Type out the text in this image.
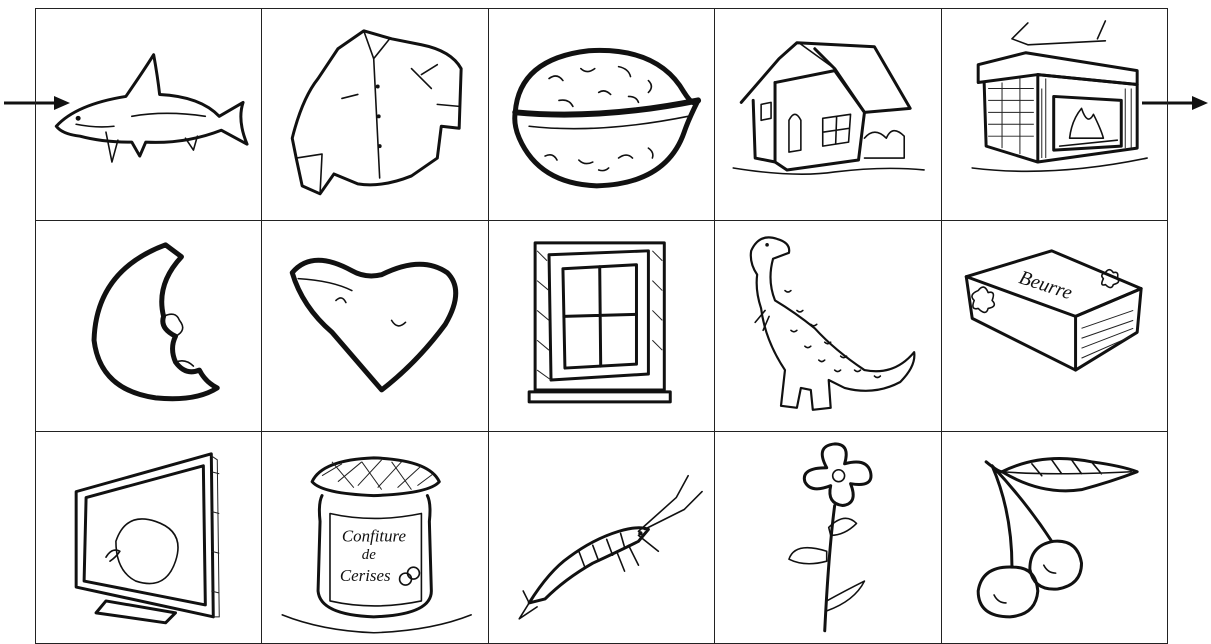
Beurre
Confiture
de
Cerises
